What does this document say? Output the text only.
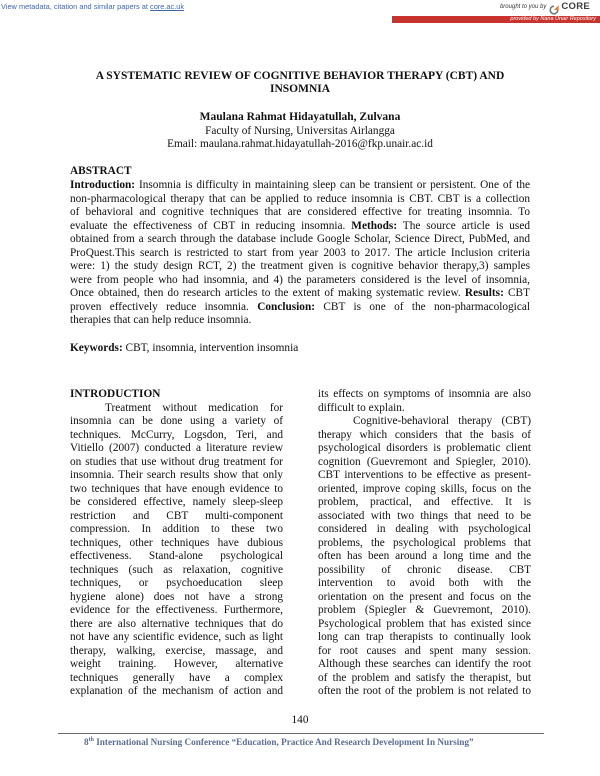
View metadata, citation and similar papers at core.ac.uk	brought to you by CORE
provided by Nana Unair Repository
A SYSTEMATIC REVIEW OF COGNITIVE BEHAVIOR THERAPY (CBT) AND
INSOMNIA
Maulana Rahmat Hidayatullah, Zulvana
Faculty of Nursing, Universitas Airlangga
Email: maulana.rahmat.hidayatullah-2016@fkp.unair.ac.id
ABSTRACT
Introduction: Insomnia is difficulty in maintaining sleep can be transient or persistent. One of the
non-pharmacological therapy that can be applied to reduce insomnia is CBT. CBT is a collection
of behavioral and cognitive techniques that are considered effective for treating insomnia. To
evaluate the effectiveness of CBT in reducing insomnia. Methods: The source article is used
obtained from a search through the database include Google Scholar, Science Direct, PubMed, and
ProQuest.This search is restricted to start from year 2003 to 2017. The article Inclusion criteria
were: 1) the study design RCT, 2) the treatment given is cognitive behavior therapy,3) samples
were from people who had insomnia, and 4) the parameters considered is the level of insomnia,
Once obtained, then do research articles to the extent of making systematic review. Results: CBT
proven effectively reduce insomnia. Conclusion: CBT is one of the non-pharmacological
therapies that can help reduce insomnia.
Keywords: CBT, insomnia, intervention insomnia
INTRODUCTION
Treatment without medication for
insomnia can be done using a variety of
techniques. McCurry, Logsdon, Teri, and
Vitiello (2007) conducted a literature review
on studies that use without drug treatment for
insomnia. Their search results show that only
two techniques that have enough evidence to
be considered effective, namely sleep-sleep
restriction and CBT multi-component
compression. In addition to these two
techniques, other techniques have dubious
effectiveness. Stand-alone psychological
techniques (such as relaxation, cognitive
techniques, or psychoeducation sleep
hygiene alone) does not have a strong
evidence for the effectiveness. Furthermore,
there are also alternative techniques that do
not have any scientific evidence, such as light
therapy, walking, exercise, massage, and
weight training. However, alternative
techniques generally have a complex
explanation of the mechanism of action and
its effects on symptoms of insomnia are also
difficult to explain.
Cognitive-behavioral therapy (CBT)
therapy which considers that the basis of
psychological disorders is problematic client
cognition (Guevremont and Spiegler, 2010).
CBT interventions to be effective as present-
oriented, improve coping skills, focus on the
problem, practical, and effective. It is
associated with two things that need to be
considered in dealing with psychological
problems, the psychological problems that
often has been around a long time and the
possibility of chronic disease. CBT
intervention to avoid both with the
orientation on the present and focus on the
problem (Spiegler & Guevremont, 2010).
Psychological problem that has existed since
long can trap therapists to continually look
for root causes and spent many session.
Although these searches can identify the root
of the problem and satisfy the therapist, but
often the root of the problem is not related to
140
8th International Nursing Conference “Education, Practice And Research Development In Nursing”
